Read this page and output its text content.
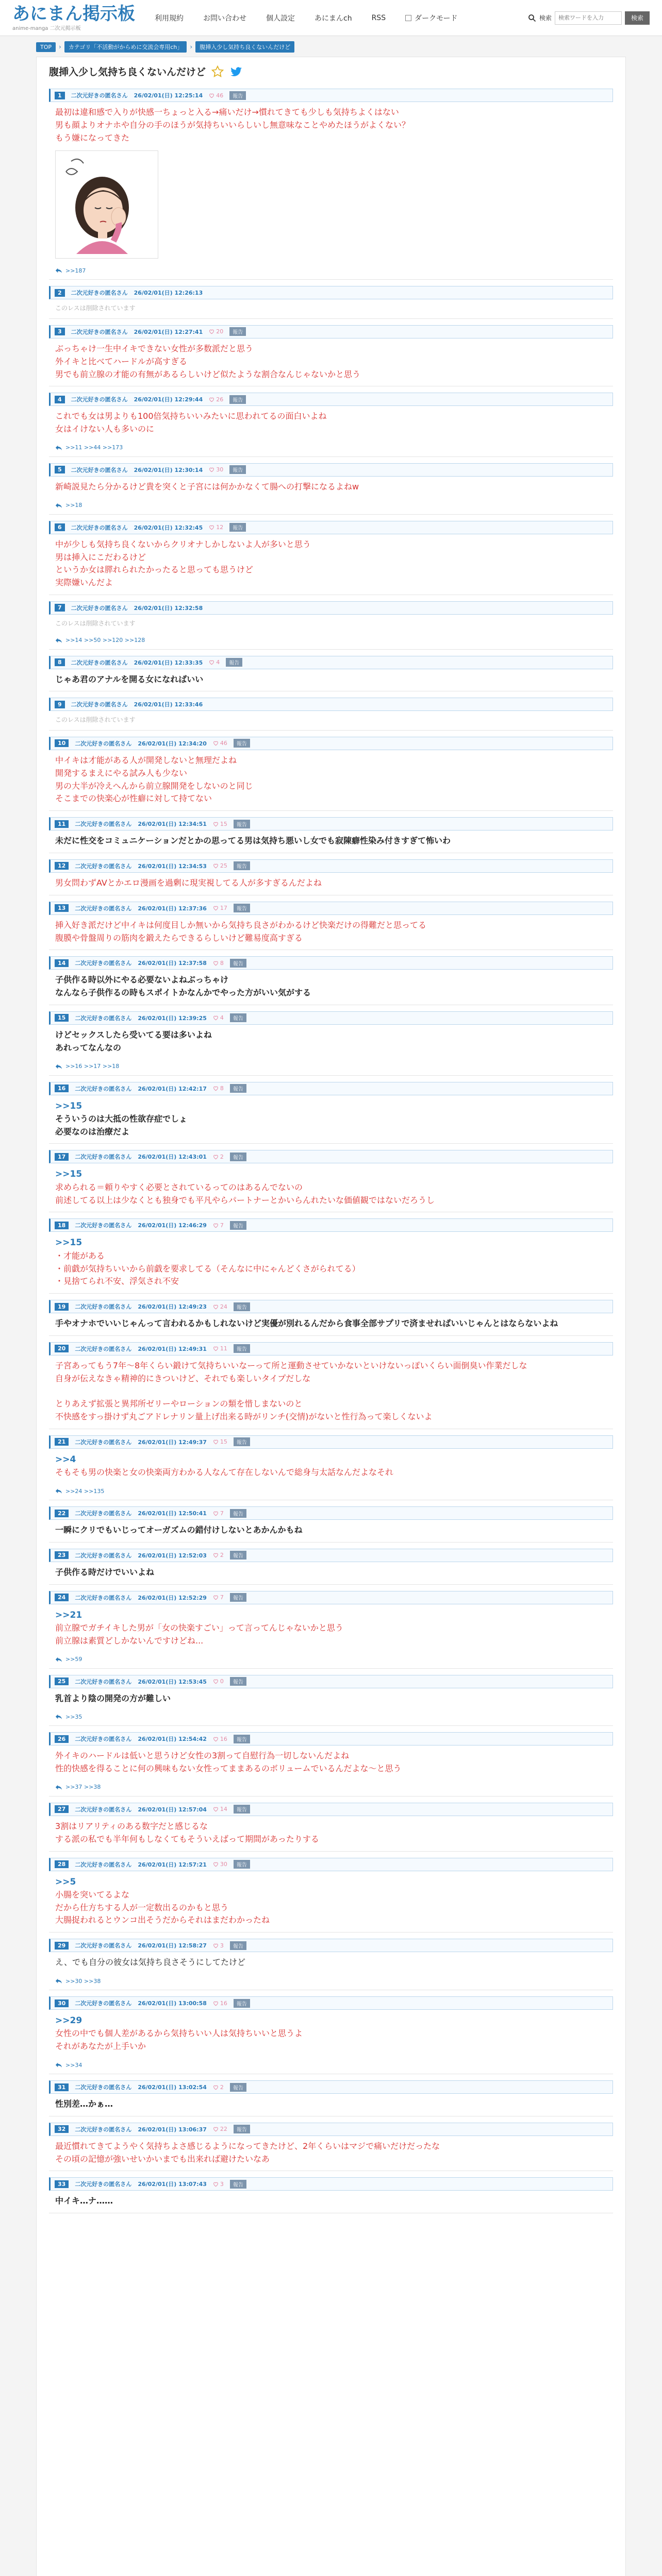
あにまん掲示板
anime-manga 二次元掲示板
利用規約	お問い合わせ	個人設定	あにまんch	RSS	ダークモード	検索
検索ワードを入力	検索
TOP	›	カテゴリ「不活動がからめに交流会専用ch」	›	腹挿入少し気持ち良くないんだけど
腹挿入少し気持ち良くないんだけど
1	二次元好きの匿名さん 26/02/01(日) 12:25:14 46	報告
最初は違和感で入りが快感一ちょっと入る→痛いだけ→慣れてきても少しも気持ちよくはない
男も顔よりオナホや自分の手のほうが気持ちいいらしいし無意味なことやめたほうがよくない？
もう嫌になってきた
>>187
2	二次元好きの匿名さん 26/02/01(日) 12:26:13
このレスは削除されています
3	二次元好きの匿名さん 26/02/01(日) 12:27:41 20	報告
ぶっちゃけ一生中イキできない女性が多数派だと思う
外イキと比べてハードルが高すぎる
男でも前立腺の才能の有無があるらしいけど似たような割合なんじゃないかと思う
4	二次元好きの匿名さん 26/02/01(日) 12:29:44 26	報告
これでも女は男よりも100倍気持ちいいみたいに思われてるの面白いよね
女はイけない人も多いのに
>>11 >>44 >>173
5	二次元好きの匿名さん 26/02/01(日) 12:30:14 30	報告
新崎説見たら分かるけど貴を突くと子宮には何かかなくて腸への打撃になるよねw
>>18
6	二次元好きの匿名さん 26/02/01(日) 12:32:45 12	報告
中が少しも気持ち良くないからクリオナしかしないよ人が多いと思う
男は挿入にこだわるけど
というか女は膵れられたかったると思っても思うけど
実際嫌いんだよ
7	二次元好きの匿名さん 26/02/01(日) 12:32:58
このレスは削除されています
>>14 >>50 >>120 >>128
8	二次元好きの匿名さん 26/02/01(日) 12:33:35 4	報告
じゃあ君のアナルを開る女になればいい
9	二次元好きの匿名さん 26/02/01(日) 12:33:46
このレスは削除されています
10	二次元好きの匿名さん 26/02/01(日) 12:34:20 46	報告
中イキは才能がある人が開発しないと無理だよね
開発するまえにやる試み人も少ない
男の大半が冷えへんから前立腺開発をしないのと同じ
そこまでの快楽心が性癖に対して持てない
11	二次元好きの匿名さん 26/02/01(日) 12:34:51 15	報告
未だに性交をコミュニケーションだとかの思ってる男は気持ち悪いし女でも寂陳癖性染み付きすぎて怖いわ
12	二次元好きの匿名さん 26/02/01(日) 12:34:53 25	報告
男女問わずAVとかエロ漫画を過剰に現実視してる人が多すぎるんだよね
13	二次元好きの匿名さん 26/02/01(日) 12:37:36 17	報告
挿入好き派だけど中イキは何度目しか無いから気持ち良さがわかるけど快楽だけの得難だと思ってる
腹膜や骨盤周りの筋肉を鍛えたらできるらしいけど難易度高すぎる
14	二次元好きの匿名さん 26/02/01(日) 12:37:58 8	報告
子供作る時以外にやる必要ないよねぶっちゃけ
なんなら子供作るの時もスポイトかなんかでやった方がいい気がする
15	二次元好きの匿名さん 26/02/01(日) 12:39:25 4	報告
けどセックスしたら受いてる要は多いよね
あれってなんなの
>>16 >>17 >>18
16	二次元好きの匿名さん 26/02/01(日) 12:42:17 8	報告
>>15
そういうのは大抵の性欲存症でしょ
必要なのは治療だよ
17	二次元好きの匿名さん 26/02/01(日) 12:43:01 2	報告
>>15
求められる＝頼りやすく必要とされているってのはあるんでないの
前述してる以上は少なくとも独身でも平凡やらパートナーとかいらんれたいな価値観ではないだろうし
18	二次元好きの匿名さん 26/02/01(日) 12:46:29 7	報告
>>15
・才能がある
・前戯が気持ちいいから前戯を要求してる（そんなに中にゃんどくさがられてる）
・見捨てられ不安、浮気され不安
19	二次元好きの匿名さん 26/02/01(日) 12:49:23 24	報告
手やオナホでいいじゃんって言われるかもしれないけど実優が別れるんだから食事全部サプリで済ませればいいじゃんとはならないよね
20	二次元好きの匿名さん 26/02/01(日) 12:49:31 11	報告
子宮あってもう7年～8年くらい鍛けて気持ちいいなーって所と運動させていかないといけないっぽいくらい面倒臭い作業だしな
自身が伝えなきゃ精神的にきついけど、それでも楽しいタイプだしな
とりあえず拡張と異邦所ゼリーやローションの類を惜しまないのと
不快感をすっ掛けず丸ごアドレナリン量上げ出来る時がリンチ(交情)がないと性行為って楽しくないよ
21	二次元好きの匿名さん 26/02/01(日) 12:49:37 15	報告
>>4
そもそも男の快楽と女の快楽両方わかる人なんて存在しないんで総身与太話なんだよなそれ
>>24 >>135
22	二次元好きの匿名さん 26/02/01(日) 12:50:41 7	報告
一瞬にクリでもいじってオーガズムの錯付けしないとあかんかもね
23	二次元好きの匿名さん 26/02/01(日) 12:52:03 2	報告
子供作る時だけでいいよね
24	二次元好きの匿名さん 26/02/01(日) 12:52:29 7	報告
>>21
前立腺でガチイキした男が「女の快楽すごい」って言ってんじゃないかと思う
前立腺は素質どしかないんですけどね...
>>59
25	二次元好きの匿名さん 26/02/01(日) 12:53:45 0	報告
乳首より陰の開発の方が難しい
>>35
26	二次元好きの匿名さん 26/02/01(日) 12:54:42 16	報告
外イキのハードルは低いと思うけど女性の3割って自慰行為一切しないんだよね
性的快感を得ることに何の興味もない女性ってままあるのボリュームでいるんだよな～と思う
>>37 >>38
27	二次元好きの匿名さん 26/02/01(日) 12:57:04 14	報告
3割はリアリティのある数字だと感じるな
する派の私でも半年何もしなくてもそういえばって期間があったりする
28	二次元好きの匿名さん 26/02/01(日) 12:57:21 30	報告
>>5
小腸を突いてるよな
だから仕方ちする人が一定数出るのかもと思う
大腸捉われるとウンコ出そうだからそれはまだわかったね
29	二次元好きの匿名さん 26/02/01(日) 12:58:27 3	報告
え、でも自分の彼女は気持ち良さそうにしてたけど
>>30 >>38
30	二次元好きの匿名さん 26/02/01(日) 13:00:58 16	報告
>>29
女性の中でも個人差があるから気持ちいい人は気持ちいいと思うよ
それがあなたが上手いか
>>34
31	二次元好きの匿名さん 26/02/01(日) 13:02:54 2	報告
性別差…かぁ…
32	二次元好きの匿名さん 26/02/01(日) 13:06:37 22	報告
最近慣れてきてようやく気持ちよさ感じるようになってきたけど、2年くらいはマジで痛いだけだったな
その頃の記憶が強いせいかいまでも出来れば避けたいなあ
33	二次元好きの匿名さん 26/02/01(日) 13:07:43 3	報告
中イキ…ナ……
